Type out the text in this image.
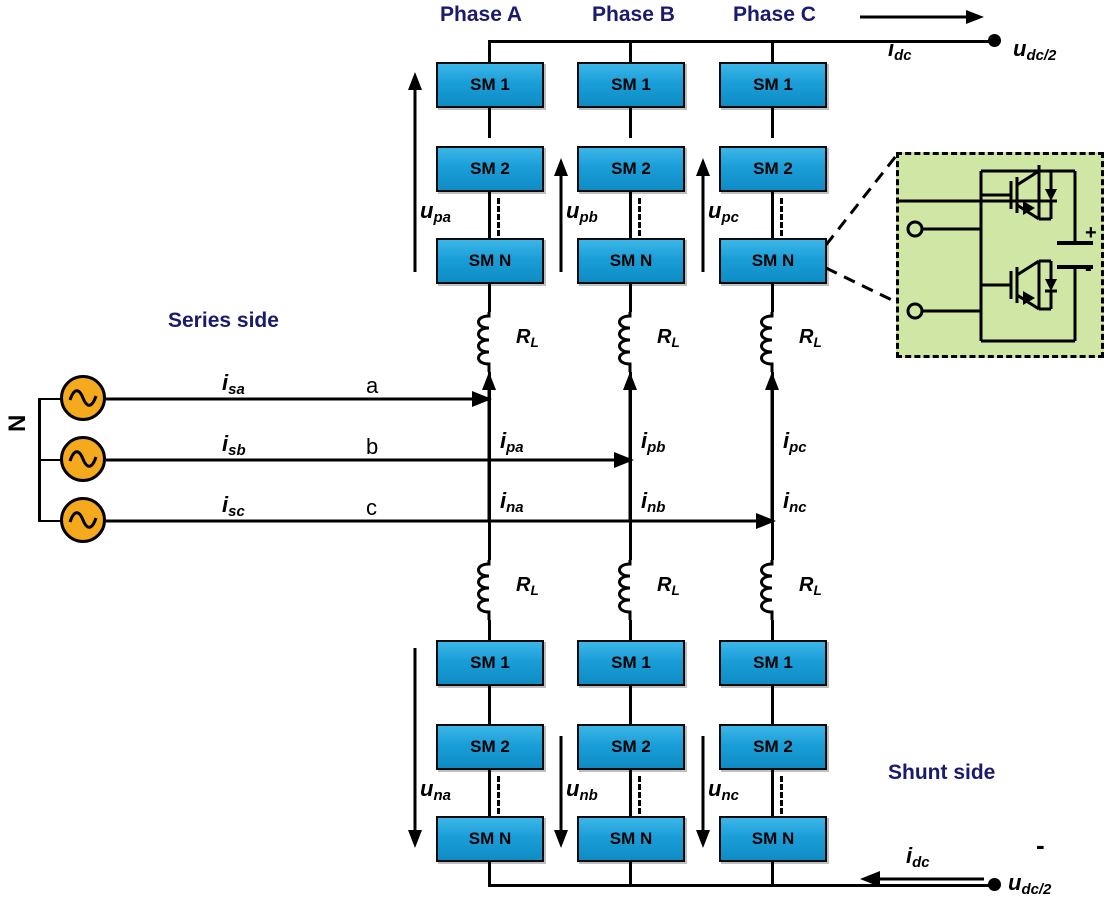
Phase A	Phase B	Phase C
Series side
Shunt side
$i_{dc}$	$u_{dc/2}$
SM 1
SM 2
SM N
SM 1
SM 2
SM N
SM 1
SM 2
SM N
$u_{pa}$	$u_{pb}$	$u_{pc}$
$R_L$	$R_L$	$R_L$
$i_{pa}$	$i_{pb}$	$i_{pc}$
N
$i_{sa}$
$i_{sb}$
$i_{sc}$
a
b
c	$i_{na}$	$i_{nb}$	$i_{nc}$
$R_L$	$R_L$	$R_L$
SM 1
SM 2
SM N
SM 1
SM 2
SM N
SM 1
SM 2
SM N
$u_{na}$	$u_{nb}$	$u_{nc}$
$i_{dc}$
$u_{dc/2}$
-
+
-
